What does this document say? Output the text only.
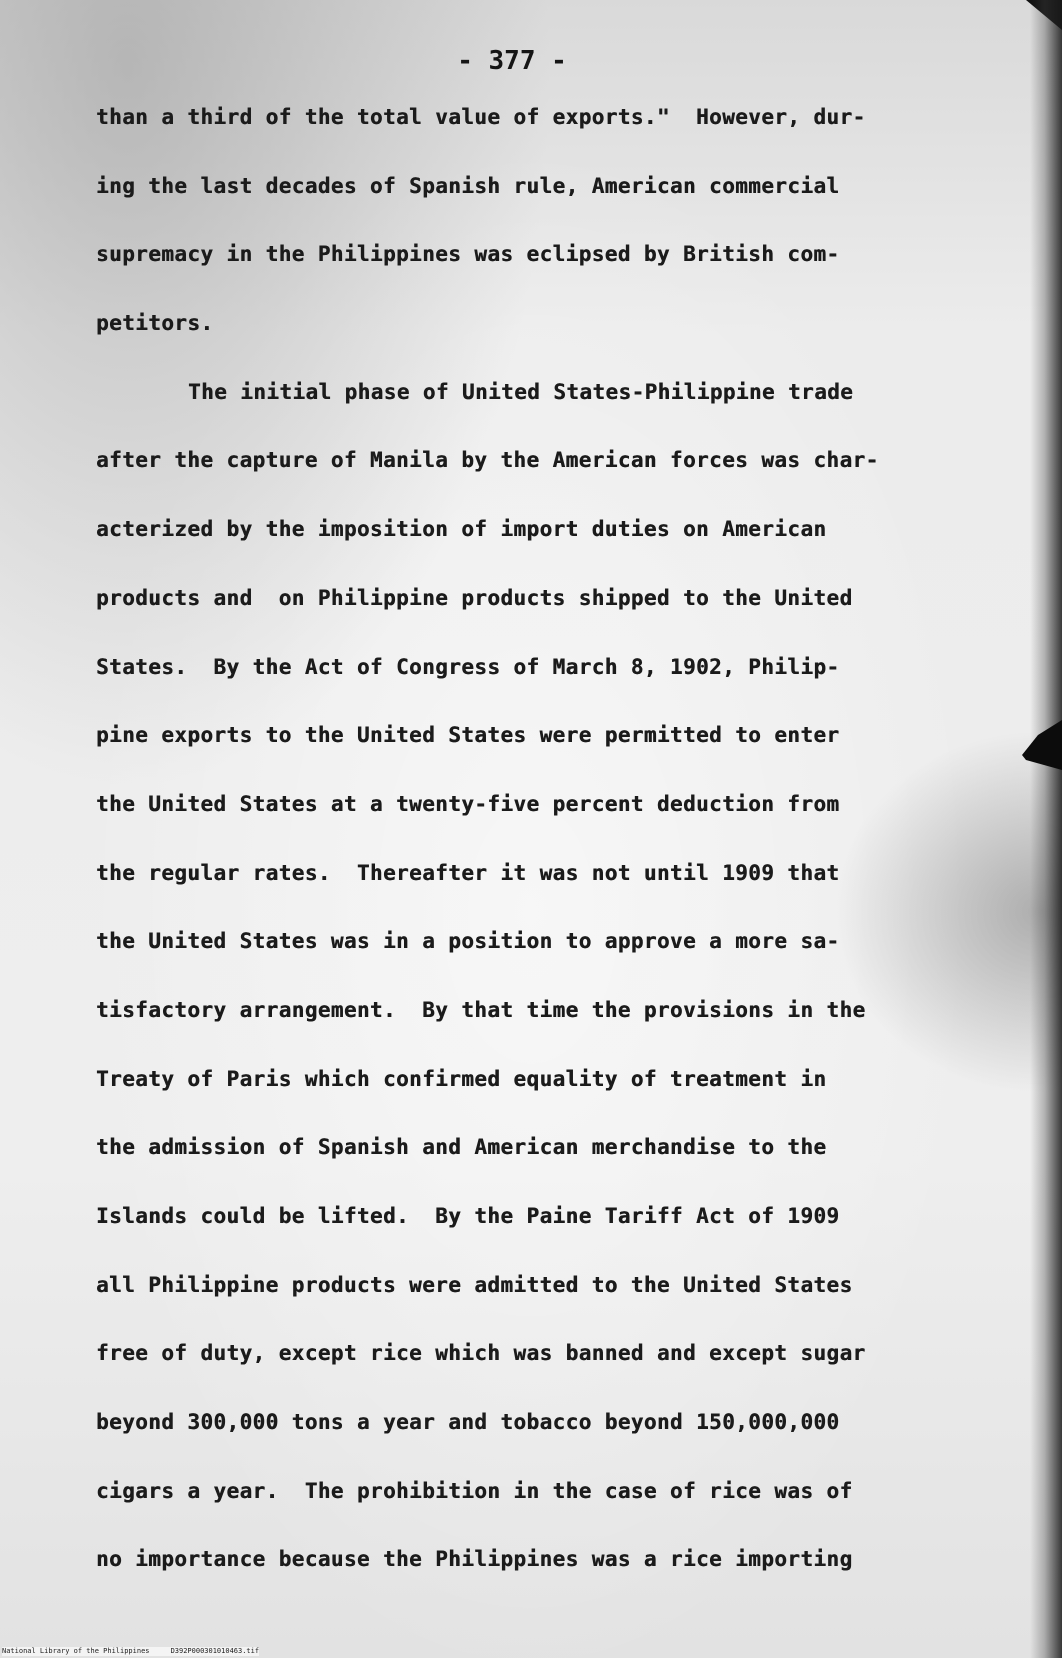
- 377 -
than a third of the total value of exports."  However, dur-
ing the last decades of Spanish rule, American commercial
supremacy in the Philippines was eclipsed by British com-
petitors.
The initial phase of United States-Philippine trade
after the capture of Manila by the American forces was char-
acterized by the imposition of import duties on American
products and  on Philippine products shipped to the United
States.  By the Act of Congress of March 8, 1902, Philip-
pine exports to the United States were permitted to enter
the United States at a twenty-five percent deduction from
the regular rates.  Thereafter it was not until 1909 that
the United States was in a position to approve a more sa-
tisfactory arrangement.  By that time the provisions in the
Treaty of Paris which confirmed equality of treatment in
the admission of Spanish and American merchandise to the
Islands could be lifted.  By the Paine Tariff Act of 1909
all Philippine products were admitted to the United States
free of duty, except rice which was banned and except sugar
beyond 300,000 tons a year and tobacco beyond 150,000,000
cigars a year.  The prohibition in the case of rice was of
no importance because the Philippines was a rice importing
National Library of the Philippines     D392P000301010463.tif
